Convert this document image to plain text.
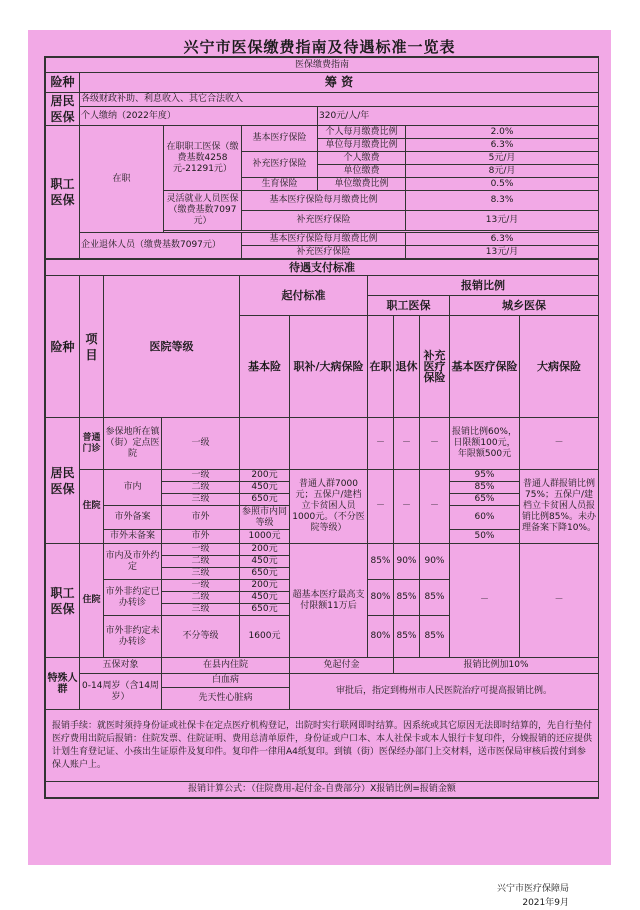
兴宁市医保缴费指南及待遇标准一览表
医保缴费指南					
险种	筹 资				
居民医保	各级财政补助、利息收入、其它合法收入				
	个人缴纳（2022年度）			320元/人/年	
职工医保	在职	在职职工医保（缴费基数4258元-21291元）	基本医疗保险	个人每月缴费比例	2.0%
				单位每月缴费比例	6.3%
			补充医疗保险	个人缴费	5元/月
				单位缴费	8元/月
			生育保险	单位缴费比例	0.5%
		灵活就业人员医保（缴费基数7097元）	基本医疗保险每月缴费比例		8.3%
			补充医疗保险		13元/月

	企业退休人员（缴费基数7097元）		基本医疗保险每月缴费比例		6.3%
			补充医疗保险		13元/月
待遇支付标准										
险种	项目	医院等级		起付标准		报销比例				
						职工医保			城乡医保	
				基本险	职补/大病保险	在职	退休	补充医疗保险	基本医疗保险	大病保险

居民医保	普通门诊	参保地所在镇（街）定点医院	一级			－	－	－	报销比例60%，日限额100元，年限额500元	－
	住院	市内	一级	200元	普通人群7000元；五保户/建档立卡贫困人员1000元。（不分医院等级）	－	－	－	95%	普通人群报销比例75%；五保户/建档立卡贫困人员报销比例85%。未办理备案下降10%。
			二级	450元					85%	
			三级	650元					65%	
		市外备案	市外	参照市内同等级					60%	
		市外未备案	市外	1000元					50%	
职工医保	住院	市内及市外约定	一级	200元	超基本医疗最高支付限额11万后	85%	90%	90%	－	－
			二级	450元						
			三级	650元						
		市外非约定已办转诊	一级	200元		80%	85%	85%		
			二级	450元						
			三级	650元						
		市外非约定未办转诊	不分等级	1600元		80%	85%	85%		
特殊人群	五保对象		在县内住院		免起付金		报销比例加10%			
	0-14周岁（含14周岁）		白血病		审批后，指定到梅州市人民医院治疗可提高报销比例。					
			先天性心脏病							
报销手续：就医时须持身份证或社保卡在定点医疗机构登记，出院时实行联网即时结算。因系统或其它原因无法即时结算的，先自行垫付医疗费用出院后报销：住院发票、住院证明、费用总清单原件，身份证或户口本、本人社保卡或本人银行卡复印件，分娩报销的还应提供计划生育登记证、小孩出生证原件及复印件。复印件一律用A4纸复印。到镇（街）医保经办部门上交材料，送市医保局审核后拨付到参保人账户上。										
报销计算公式：（住院费用-起付金-自费部分）X报销比例=报销金额										
兴宁市医疗保障局
2021年9月
